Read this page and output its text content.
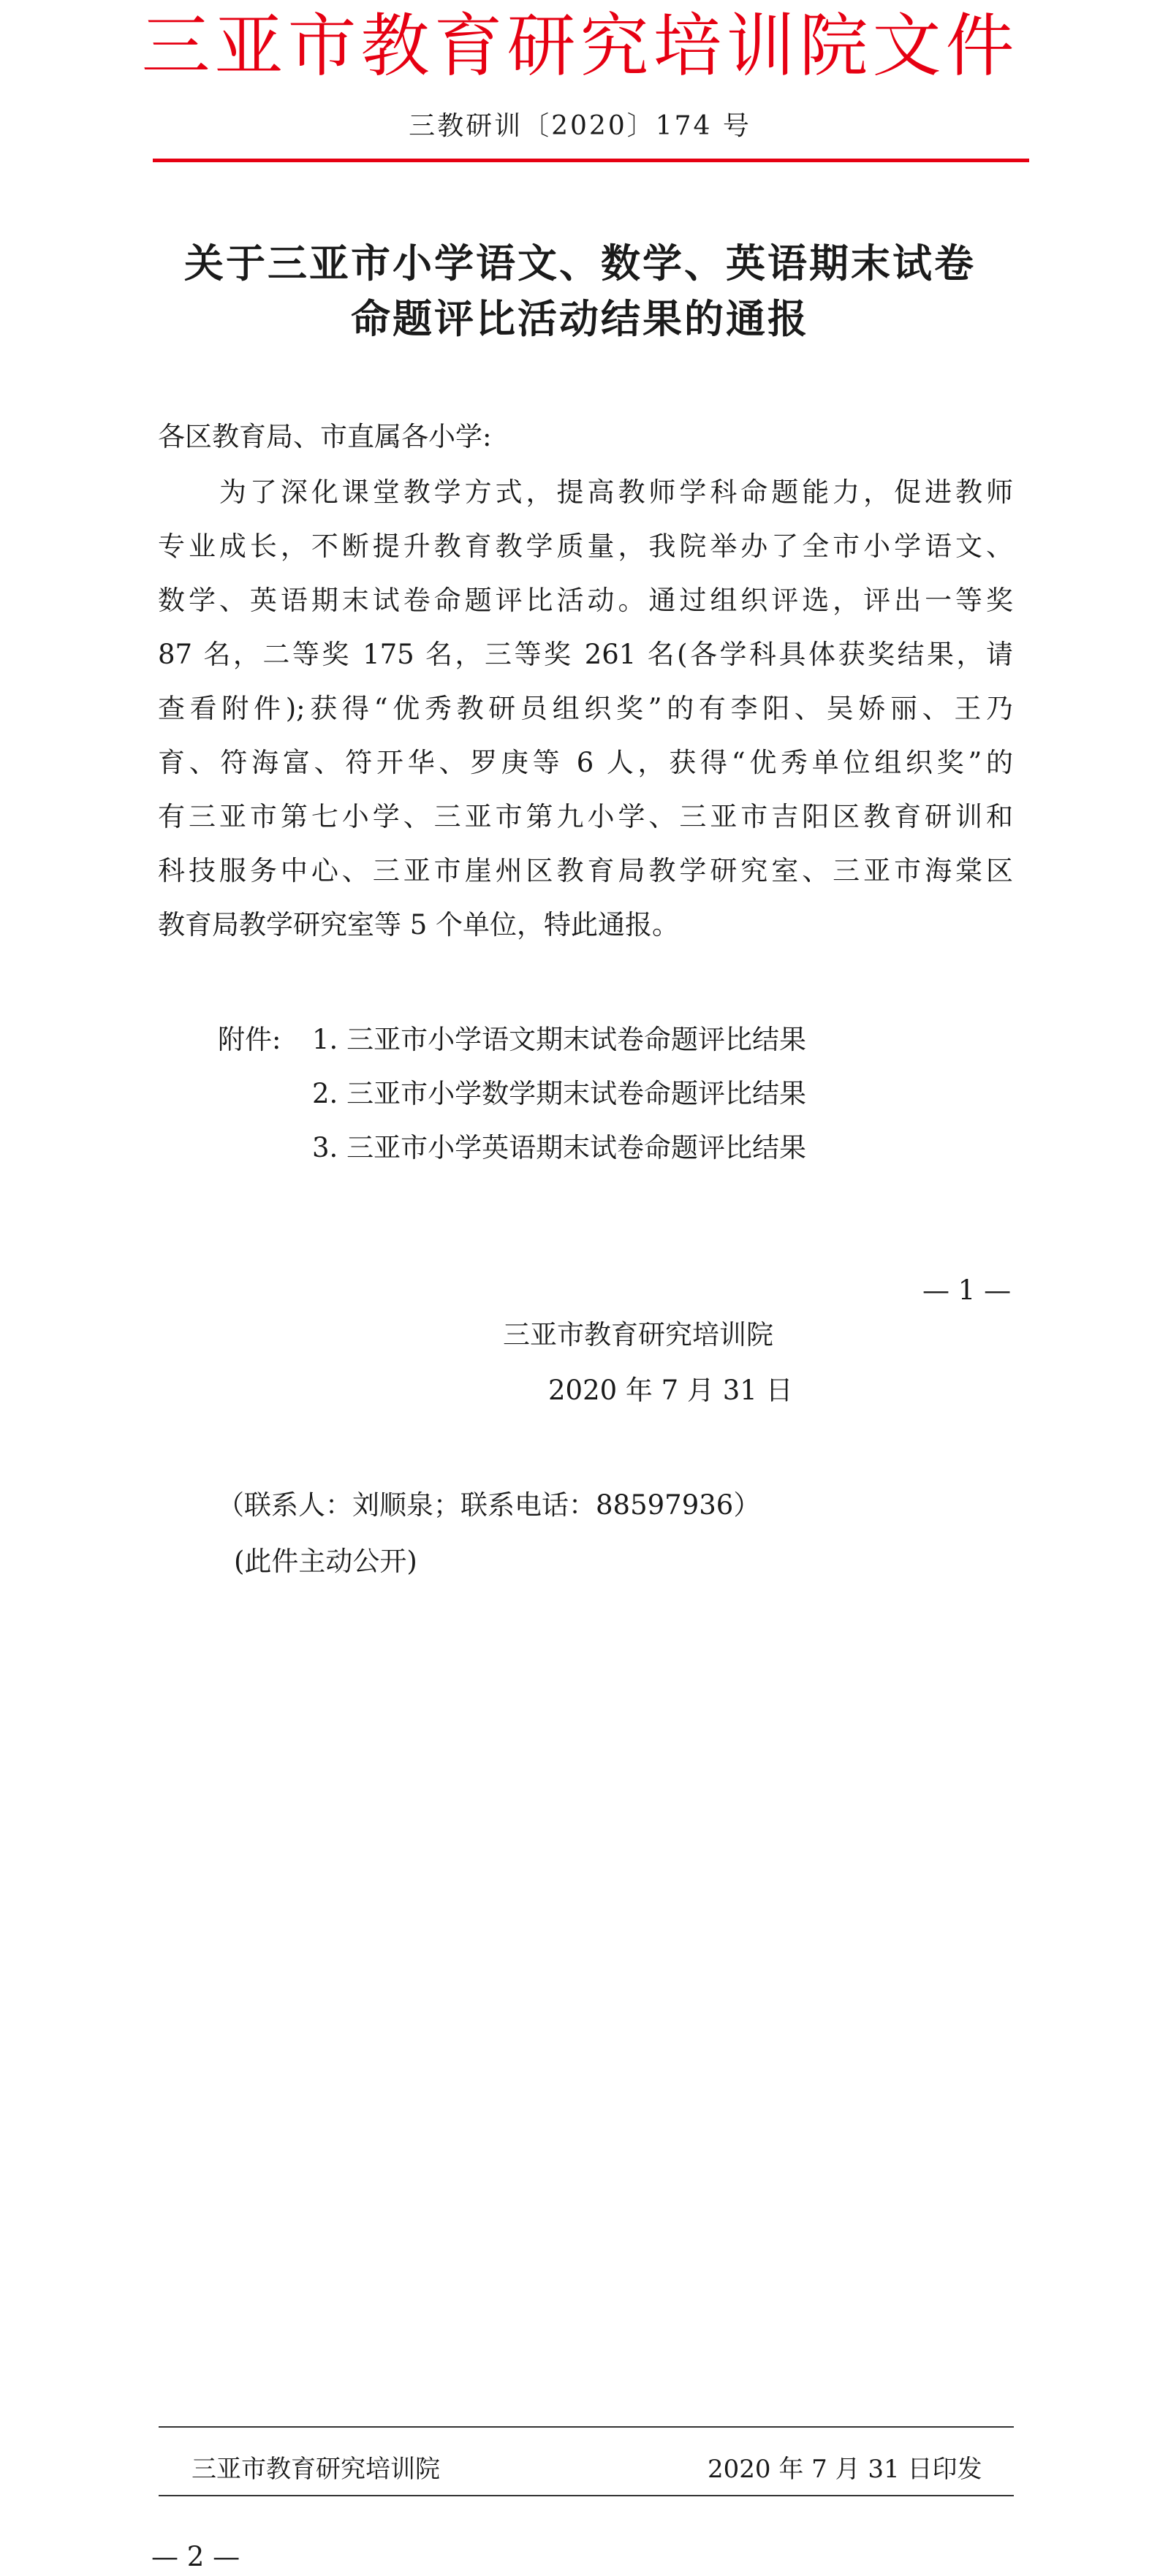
三亚市教育研究培训院文件
三教研训〔2020〕174 号
关于三亚市小学语文、数学、英语期末试卷
命题评比活动结果的通报
各区教育局、市直属各小学:
　　为了深化课堂教学方式，提高教师学科命题能力，促进教师
专业成长，不断提升教育教学质量，我院举办了全市小学语文、
数学、英语期末试卷命题评比活动。通过组织评选，评出一等奖
87 名，二等奖 175 名，三等奖 261 名(各学科具体获奖结果，请
查看附件);获得“优秀教研员组织奖”的有李阳、吴娇丽、王乃
育、符海富、符开华、罗庚等 6 人，获得“优秀单位组织奖”的
有三亚市第七小学、三亚市第九小学、三亚市吉阳区教育研训和
科技服务中心、三亚市崖州区教育局教学研究室、三亚市海棠区
教育局教学研究室等 5 个单位，特此通报。
附件: 1. 三亚市小学语文期末试卷命题评比结果
2. 三亚市小学数学期末试卷命题评比结果
3. 三亚市小学英语期末试卷命题评比结果
— 1 —
三亚市教育研究培训院
2020 年 7 月 31 日
（联系人：刘顺泉；联系电话：88597936）
(此件主动公开)
三亚市教育研究培训院	2020 年 7 月 31 日印发
— 2 —
